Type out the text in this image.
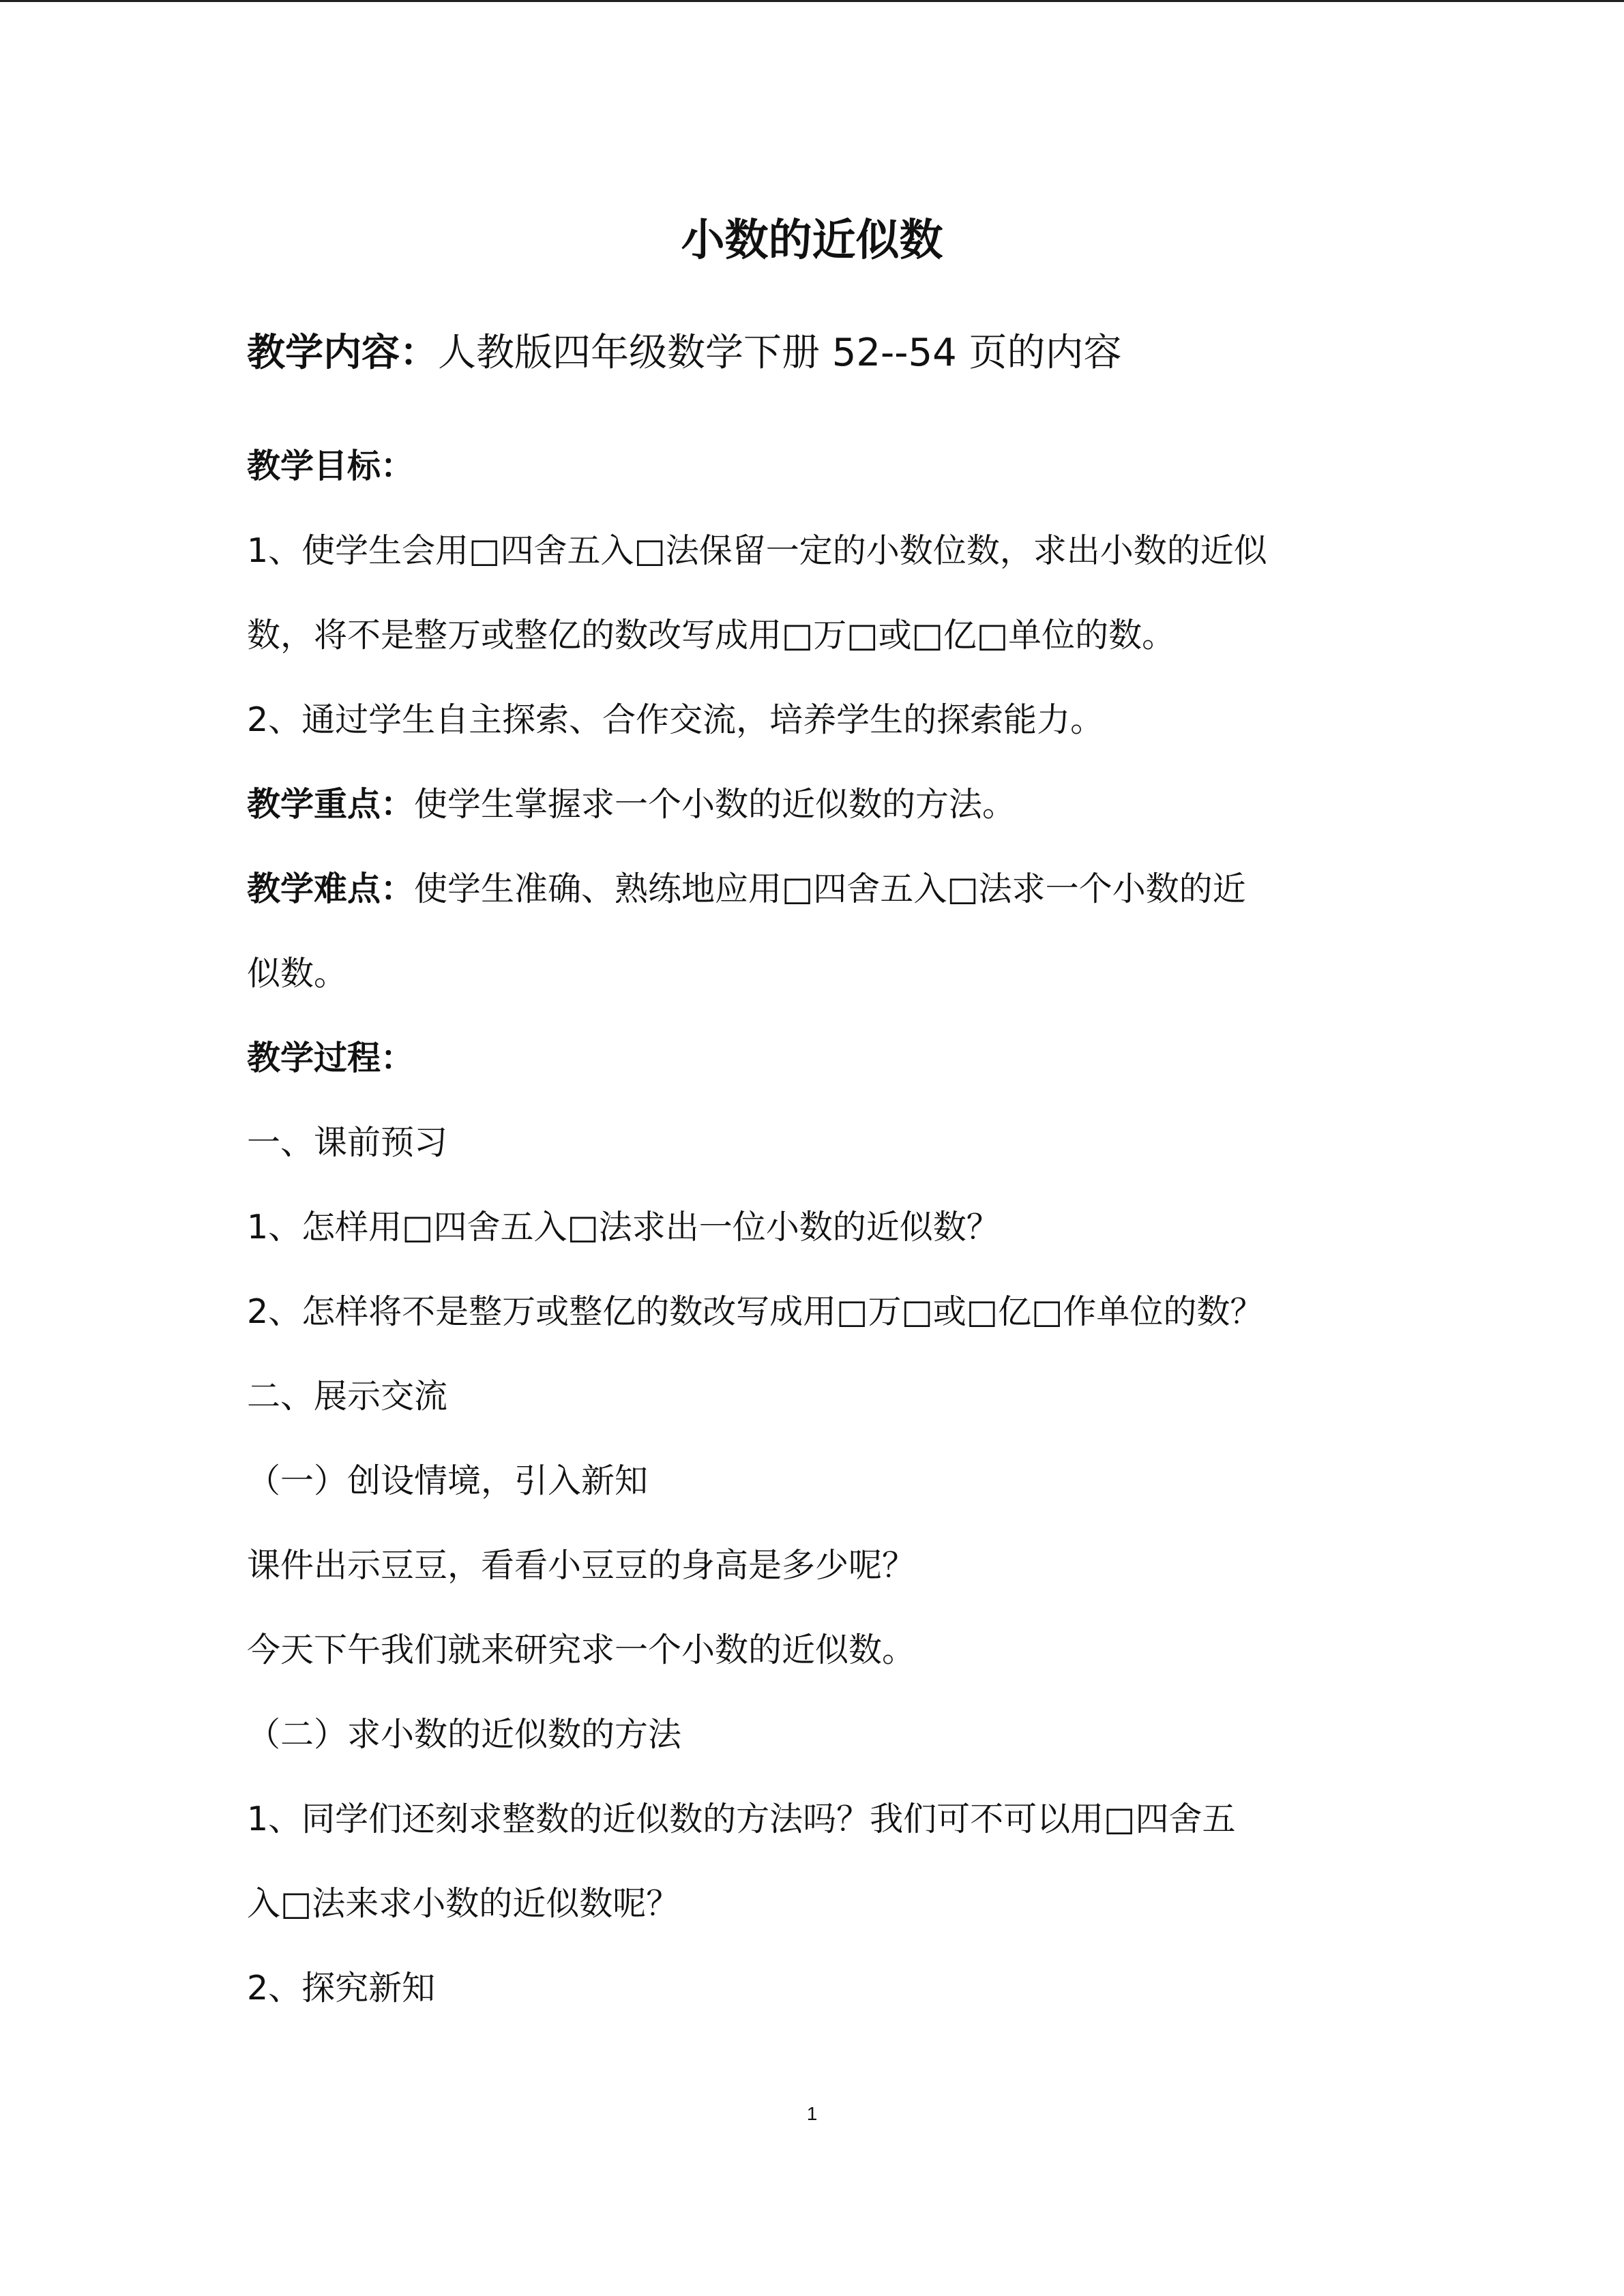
小数的近似数
教学内容：人教版四年级数学下册 52--54 页的内容
教学目标：
1、使学生会用□四舍五入□法保留一定的小数位数，求出小数的近似
数，将不是整万或整亿的数改写成用□万□或□亿□单位的数。
2、通过学生自主探索、合作交流，培养学生的探索能力。
教学重点：使学生掌握求一个小数的近似数的方法。
教学难点：使学生准确、熟练地应用□四舍五入□法求一个小数的近
似数。
教学过程：
一、课前预习
1、怎样用□四舍五入□法求出一位小数的近似数？
2、怎样将不是整万或整亿的数改写成用□万□或□亿□作单位的数？
二、展示交流
（一）创设情境，引入新知
课件出示豆豆，看看小豆豆的身高是多少呢？
今天下午我们就来研究求一个小数的近似数。
（二）求小数的近似数的方法
1、同学们还刻求整数的近似数的方法吗？我们可不可以用□四舍五
入□法来求小数的近似数呢？
2、探究新知
1
